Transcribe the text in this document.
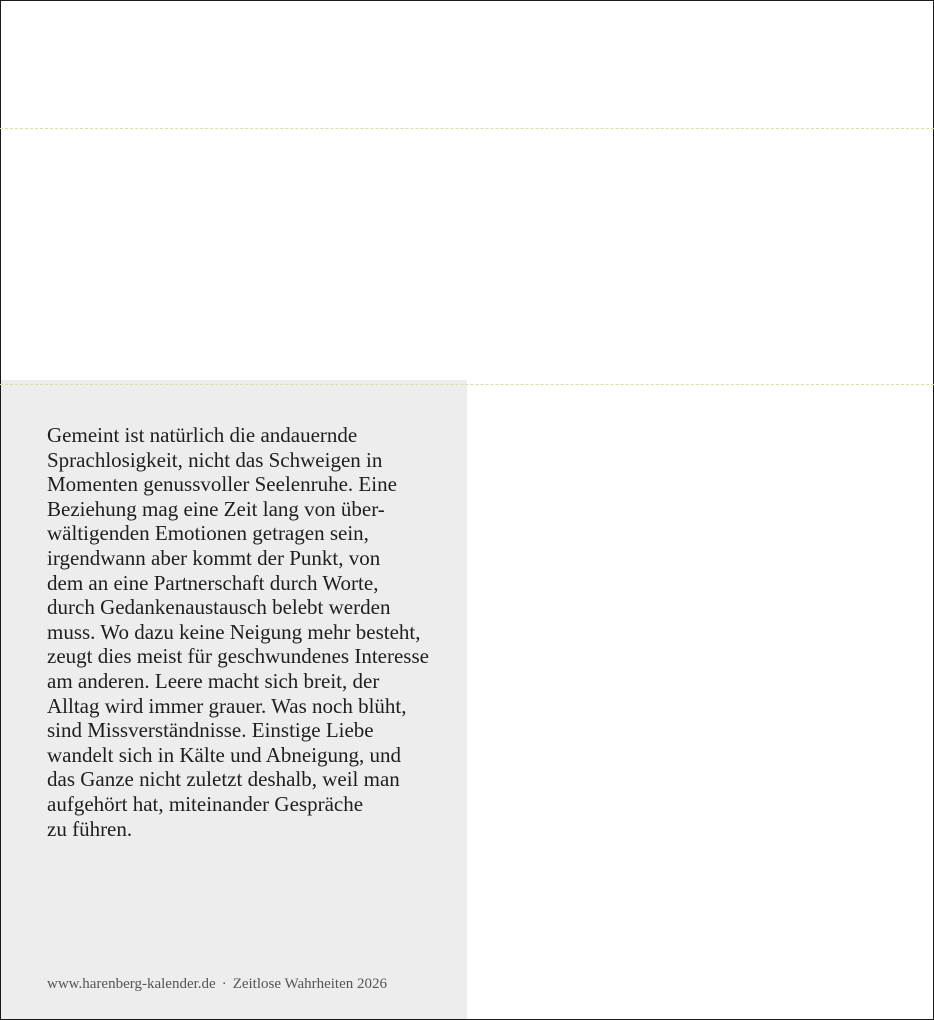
Gemeint ist natürlich die andauernde
Sprachlosigkeit, nicht das Schweigen in
Momenten genussvoller Seelenruhe. Eine
Beziehung mag eine Zeit lang von über-
wältigenden Emotionen getragen sein,
irgendwann aber kommt der Punkt, von
dem an eine Partnerschaft durch Worte,
durch Gedankenaustausch belebt werden
muss. Wo dazu keine Neigung mehr besteht,
zeugt dies meist für geschwundenes Interesse
am anderen. Leere macht sich breit, der
Alltag wird immer grauer. Was noch blüht,
sind Missverständnisse. Einstige Liebe
wandelt sich in Kälte und Abneigung, und
das Ganze nicht zuletzt deshalb, weil man
aufgehört hat, miteinander Gespräche
zu führen.

www.harenberg-kalender.de · Zeitlose Wahrheiten 2026
